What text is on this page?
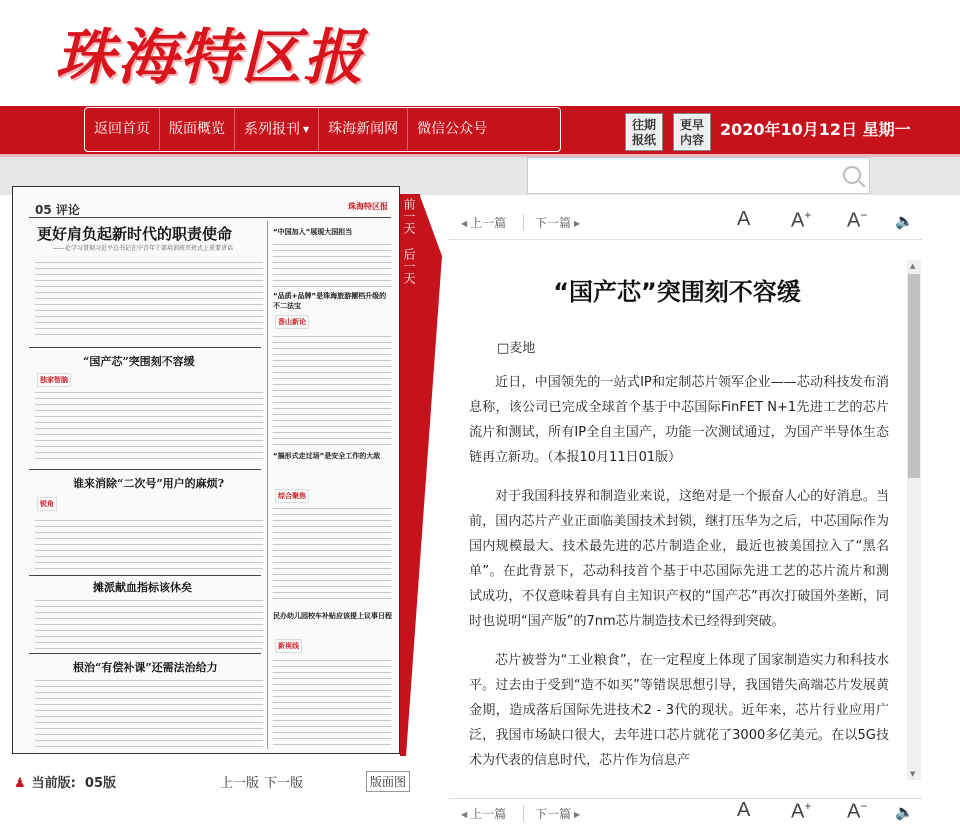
珠海特区报
返回首页	版面概览	系列报刊 ▼	珠海新闻网	微信公众号	往期报纸
更早内容
2020年10月12日 星期一
05 评论	珠海特区报
更好肩负起新时代的职责使命
——论学习贯彻习近平总书记在中青年干部培训班开班式上重要讲话
“国产芯”突围刻不容缓
独家智脑
谁来消除“二次号”用户的麻烦?
锐角
摊派献血指标该休矣
根治“有偿补课”还需法治给力
“中国加入”展现大国担当
“品质+品牌”是珠海旅游擢档升级的不二法宝
香山新论
“搞形式走过场”是安全工作的大敌
综合聚焦
民办幼儿园校车补贴应该提上议事日程
新视线
前一天
后一天
♟ 当前版: 05版	上一版 下一版	版面图
◀ 上一篇 下一篇 ▶	A A+ A− 🔈
“国产芯”突围刻不容缓
□麦地

近日，中国领先的一站式IP和定制芯片领军企业——芯动科技发布消息称，该公司已完成全球首个基于中芯国际FinFET N+1先进工艺的芯片流片和测试，所有IP全自主国产，功能一次测试通过，为国产半导体生态链再立新功。（本报10月11日01版）

对于我国科技界和制造业来说，这绝对是一个振奋人心的好消息。当前，国内芯片产业正面临美国技术封锁，继打压华为之后，中芯国际作为国内规模最大、技术最先进的芯片制造企业，最近也被美国拉入了“黑名单”。在此背景下，芯动科技首个基于中芯国际先进工艺的芯片流片和测试成功，不仅意味着具有自主知识产权的“国产芯”再次打破国外垄断，同时也说明“国产版”的7nm芯片制造技术已经得到突破。

芯片被誉为“工业粮食”，在一定程度上体现了国家制造实力和科技水平。过去由于受到“造不如买”等错误思想引导，我国错失高端芯片发展黄金期，造成落后国际先进技术2 - 3代的现状。近年来，芯片行业应用广泛，我国市场缺口很大，去年进口芯片就花了3000多亿美元。在以5G技术为代表的信息时代，芯片作为信息产

▲
▼
◀ 上一篇 下一篇 ▶	A A+ A− 🔈
